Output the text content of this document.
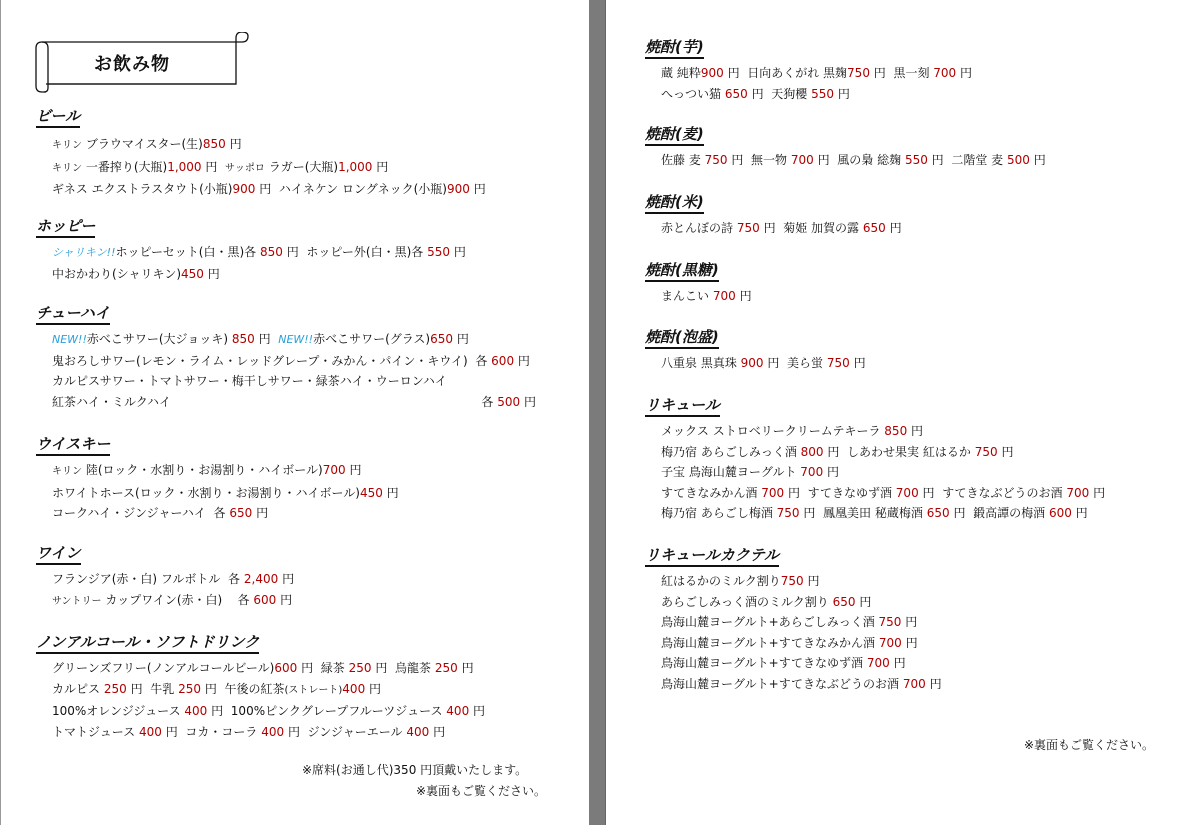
お飲み物
ビール
キリン ブラウマイスター(生)850 円
キリン 一番搾り(大瓶)1,000 円 サッポロ ラガー(大瓶)1,000 円
ギネス エクストラスタウト(小瓶)900 円 ハイネケン ロングネック(小瓶)900 円
ホッピー
シャリキン!!ホッピーセット(白・黒)各 850 円 ホッピー外(白・黒)各 550 円
中おかわり(シャリキン)450 円
チューハイ
NEW!!赤べこサワー(大ジョッキ) 850 円 NEW!!赤べこサワー(グラス)650 円
鬼おろしサワー(レモン・ライム・レッドグレープ・みかん・パイン・キウイ) 各 600 円
カルピスサワー・トマトサワー・梅干しサワー・緑茶ハイ・ウーロンハイ
紅茶ハイ・ミルクハイ	各 500 円
ウイスキー
キリン 陸(ロック・水割り・お湯割り・ハイボール)700 円
ホワイトホース(ロック・水割り・お湯割り・ハイボール)450 円
コークハイ・ジンジャーハイ 各 650 円
ワイン
フランジア(赤・白) フルボトル 各 2,400 円
サントリー カップワイン(赤・白) 各 600 円
ノンアルコール・ソフトドリンク
グリーンズフリー(ノンアルコールビール)600 円 緑茶 250 円 烏龍茶 250 円
カルピス 250 円 牛乳 250 円 午後の紅茶(ストレート)400 円
100%オレンジジュース 400 円 100%ピンクグレープフルーツジュース 400 円
トマトジュース 400 円 コカ・コーラ 400 円 ジンジャーエール 400 円
※席料(お通し代)350 円頂戴いたします。
※裏面もご覧ください。
焼酎(芋)
蔵 純粋900 円 日向あくがれ 黒麹750 円 黒一刻 700 円
へっつい猫 650 円 天狗櫻 550 円
焼酎(麦)
佐藤 麦 750 円 無一物 700 円 風の梟 総麹 550 円 二階堂 麦 500 円
焼酎(米)
赤とんぼの詩 750 円 菊姫 加賀の露 650 円
焼酎(黒糖)
まんこい 700 円
焼酎(泡盛)
八重泉 黒真珠 900 円 美ら蛍 750 円
リキュール
メックス ストロベリークリームテキーラ 850 円
梅乃宿 あらごしみっく酒 800 円 しあわせ果実 紅はるか 750 円
子宝 鳥海山麓ヨーグルト 700 円
すてきなみかん酒 700 円 すてきなゆず酒 700 円 すてきなぶどうのお酒 700 円
梅乃宿 あらごし梅酒 750 円 鳳凰美田 秘蔵梅酒 650 円 鍛高譚の梅酒 600 円
リキュールカクテル
紅はるかのミルク割り750 円
あらごしみっく酒のミルク割り 650 円
鳥海山麓ヨーグルト+あらごしみっく酒 750 円
鳥海山麓ヨーグルト+すてきなみかん酒 700 円
鳥海山麓ヨーグルト+すてきなゆず酒 700 円
鳥海山麓ヨーグルト+すてきなぶどうのお酒 700 円
※裏面もご覧ください。
